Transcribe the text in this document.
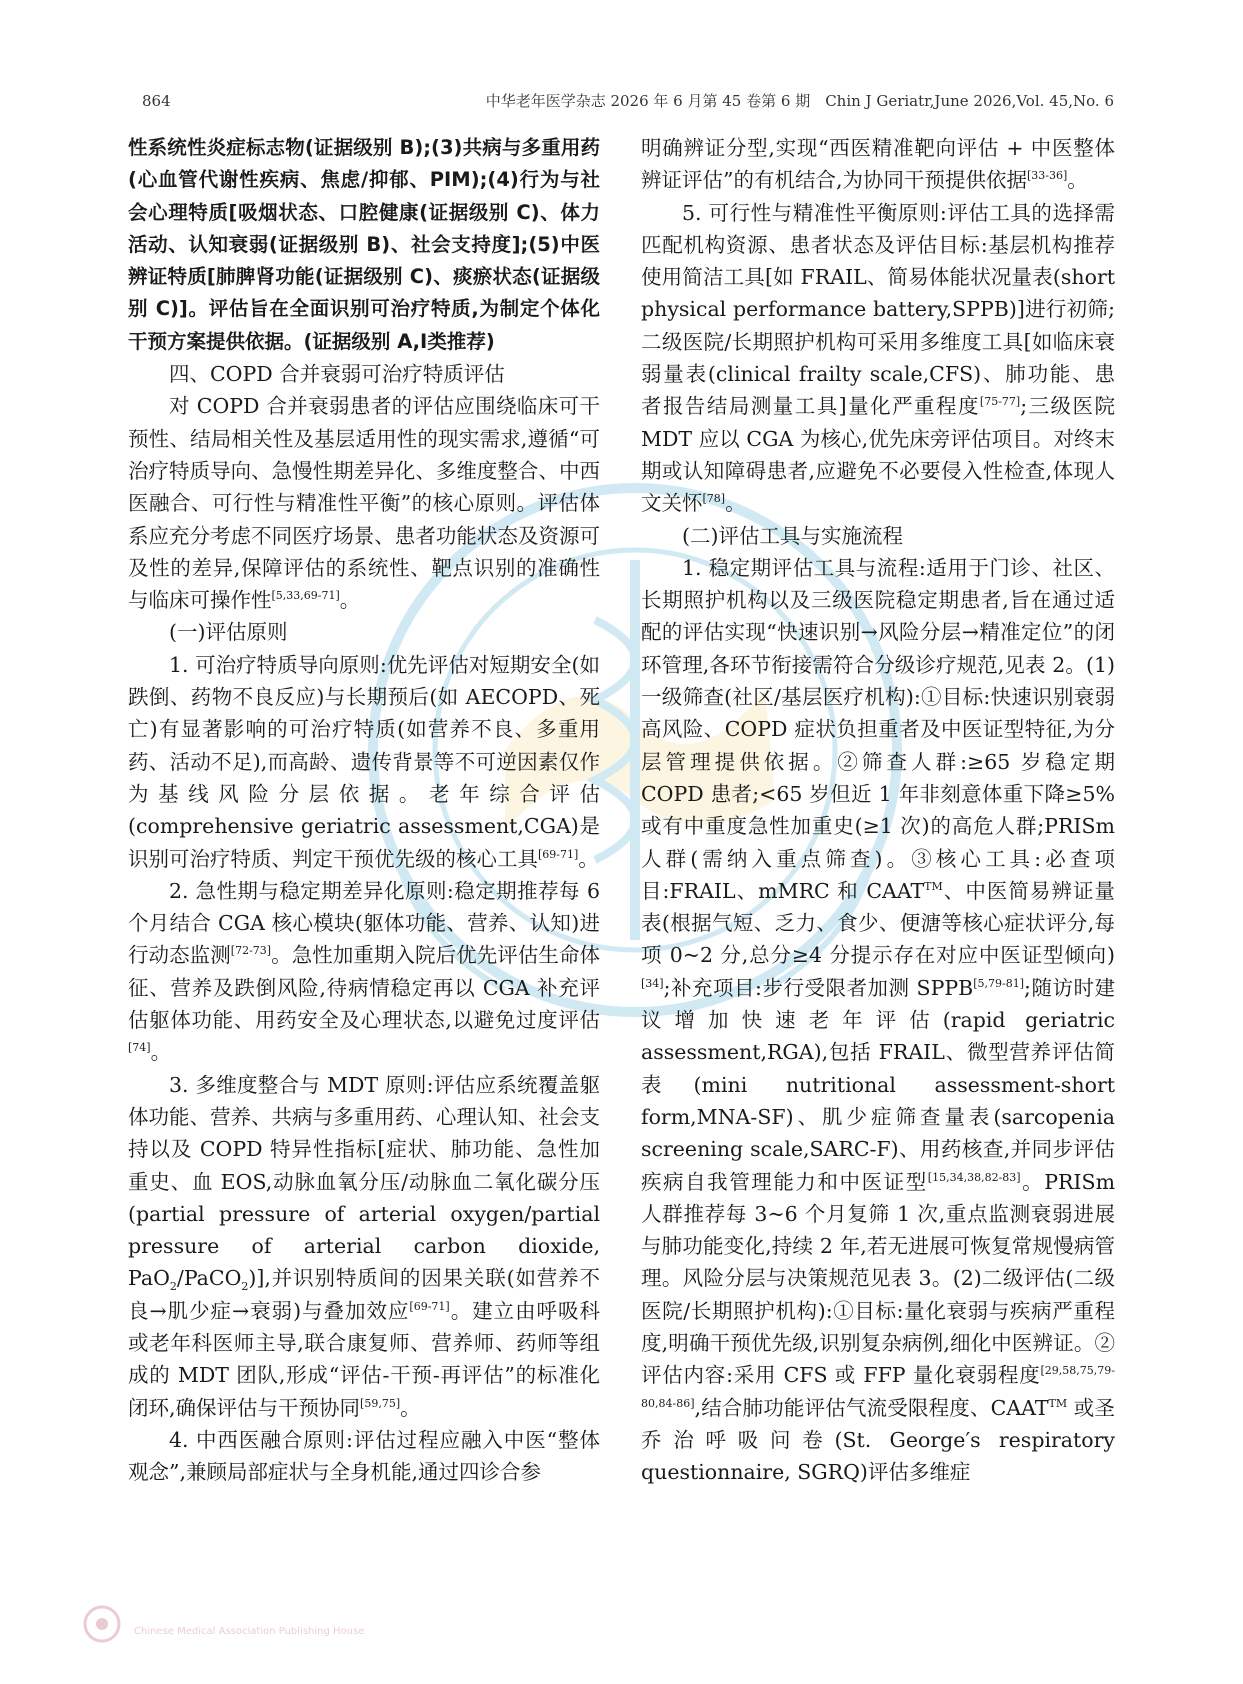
864	中华老年医学杂志 2026 年 6 月第 45 卷第 6 期　Chin J Geriatr,June 2026,Vol. 45,No. 6

性系统性炎症标志物(证据级别 B);(3)共病与多重用药(心血管代谢性疾病、焦虑/抑郁、PIM);(4)行为与社会心理特质[吸烟状态、口腔健康(证据级别 C)、体力活动、认知衰弱(证据级别 B)、社会支持度];(5)中医辨证特质[肺脾肾功能(证据级别 C)、痰瘀状态(证据级别 C)]。评估旨在全面识别可治疗特质,为制定个体化干预方案提供依据。(证据级别 A,Ⅰ类推荐)

四、COPD 合并衰弱可治疗特质评估

对 COPD 合并衰弱患者的评估应围绕临床可干预性、结局相关性及基层适用性的现实需求,遵循“可治疗特质导向、急慢性期差异化、多维度整合、中西医融合、可行性与精准性平衡”的核心原则。评估体系应充分考虑不同医疗场景、患者功能状态及资源可及性的差异,保障评估的系统性、靶点识别的准确性与临床可操作性[5,33,69-71]。

(一)评估原则

1. 可治疗特质导向原则:优先评估对短期安全(如跌倒、药物不良反应)与长期预后(如 AECOPD、死亡)有显著影响的可治疗特质(如营养不良、多重用药、活动不足),而高龄、遗传背景等不可逆因素仅作为基线风险分层依据。老年综合评估(comprehensive geriatric assessment,CGA)是识别可治疗特质、判定干预优先级的核心工具[69-71]。

2. 急性期与稳定期差异化原则:稳定期推荐每 6 个月结合 CGA 核心模块(躯体功能、营养、认知)进行动态监测[72-73]。急性加重期入院后优先评估生命体征、营养及跌倒风险,待病情稳定再以 CGA 补充评估躯体功能、用药安全及心理状态,以避免过度评估[74]。

3. 多维度整合与 MDT 原则:评估应系统覆盖躯体功能、营养、共病与多重用药、心理认知、社会支持以及 COPD 特异性指标[症状、肺功能、急性加重史、血 EOS,动脉血氧分压/动脉血二氧化碳分压(partial pressure of arterial oxygen/partial pressure of arterial carbon dioxide, PaO$_2$/PaCO$_2$)],并识别特质间的因果关联(如营养不良→肌少症→衰弱)与叠加效应[69-71]。建立由呼吸科或老年科医师主导,联合康复师、营养师、药师等组成的 MDT 团队,形成“评估-干预-再评估”的标准化闭环,确保评估与干预协同[59,75]。

4. 中西医融合原则:评估过程应融入中医“整体观念”,兼顾局部症状与全身机能,通过四诊合参

明确辨证分型,实现“西医精准靶向评估 + 中医整体辨证评估”的有机结合,为协同干预提供依据[33-36]。

5. 可行性与精准性平衡原则:评估工具的选择需匹配机构资源、患者状态及评估目标:基层机构推荐使用简洁工具[如 FRAIL、简易体能状况量表(short physical performance battery,SPPB)]进行初筛;二级医院/长期照护机构可采用多维度工具[如临床衰弱量表(clinical frailty scale,CFS)、肺功能、患者报告结局测量工具]量化严重程度[75-77];三级医院 MDT 应以 CGA 为核心,优先床旁评估项目。对终末期或认知障碍患者,应避免不必要侵入性检查,体现人文关怀[78]。

(二)评估工具与实施流程

1. 稳定期评估工具与流程:适用于门诊、社区、长期照护机构以及三级医院稳定期患者,旨在通过适配的评估实现“快速识别→风险分层→精准定位”的闭环管理,各环节衔接需符合分级诊疗规范,见表 2。(1)一级筛查(社区/基层医疗机构):①目标:快速识别衰弱高风险、COPD 症状负担重者及中医证型特征,为分层管理提供依据。②筛查人群:≥65 岁稳定期 COPD 患者;<65 岁但近 1 年非刻意体重下降≥5%或有中重度急性加重史(≥1 次)的高危人群;PRISm 人群(需纳入重点筛查)。③核心工具:必查项目:FRAIL、mMRC 和 CAAT™、中医简易辨证量表(根据气短、乏力、食少、便溏等核心症状评分,每项 0~2 分,总分≥4 分提示存在对应中医证型倾向)[34];补充项目:步行受限者加测 SPPB[5,79-81];随访时建议增加快速老年评估(rapid geriatric assessment,RGA),包括 FRAIL、微型营养评估简表(mini nutritional assessment-short form,MNA-SF)、肌少症筛查量表(sarcopenia screening scale,SARC-F)、用药核查,并同步评估疾病自我管理能力和中医证型[15,34,38,82-83]。PRISm 人群推荐每 3~6 个月复筛 1 次,重点监测衰弱进展与肺功能变化,持续 2 年,若无进展可恢复常规慢病管理。风险分层与决策规范见表 3。(2)二级评估(二级医院/长期照护机构):①目标:量化衰弱与疾病严重程度,明确干预优先级,识别复杂病例,细化中医辨证。②评估内容:采用 CFS 或 FFP 量化衰弱程度[29,58,75,79-80,84-86],结合肺功能评估气流受限程度、CAAT™ 或圣乔治呼吸问卷(St. George′s respiratory questionnaire, SGRQ)评估多维症

Chinese Medical Association Publishing House
